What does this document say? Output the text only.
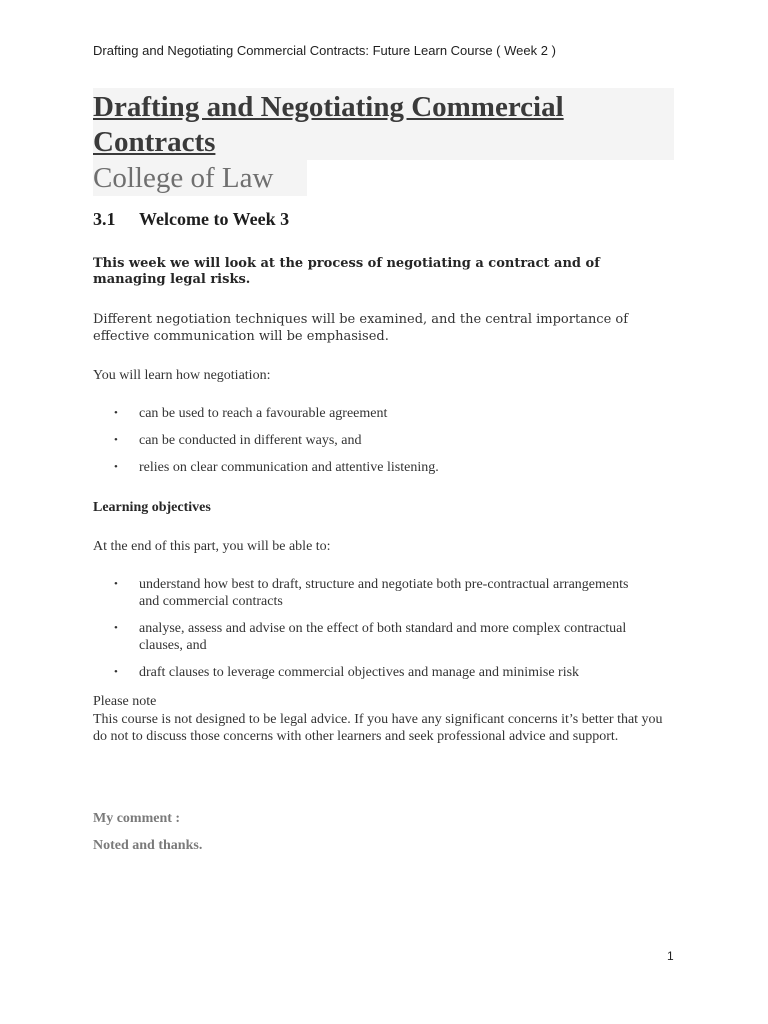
Drafting and Negotiating Commercial Contracts: Future Learn Course ( Week 2 )
Drafting and Negotiating Commercial Contracts
College of Law
3.1 Welcome to Week 3
This week we will look at the process of negotiating a contract and of managing legal risks.
Different negotiation techniques will be examined, and the central importance of effective communication will be emphasised.
You will learn how negotiation:
• can be used to reach a favourable agreement
• can be conducted in different ways, and
• relies on clear communication and attentive listening.
Learning objectives
At the end of this part, you will be able to:
• understand how best to draft, structure and negotiate both pre-contractual arrangements and commercial contracts
• analyse, assess and advise on the effect of both standard and more complex contractual clauses, and
• draft clauses to leverage commercial objectives and manage and minimise risk
Please note
This course is not designed to be legal advice. If you have any significant concerns it’s better that you do not to discuss those concerns with other learners and seek professional advice and support.
My comment :
Noted and thanks.
1
